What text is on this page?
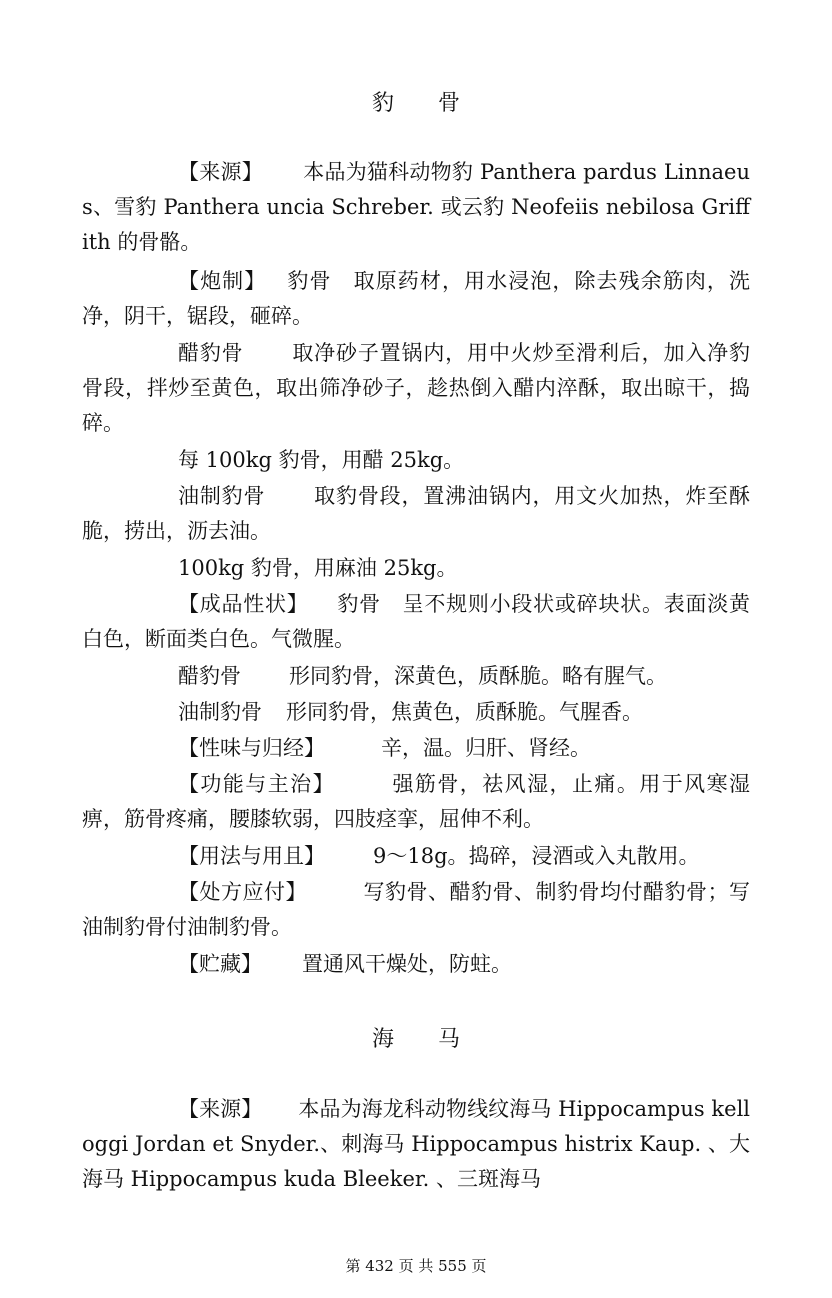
豹　　骨
【来源】 本品为猫科动物豹 Panthera pardus Linnaeus、雪豹 Panthera uncia Schreber. 或云豹 Neofeiis nebilosa Griffith 的骨骼。
【炮制】 豹骨　取原药材，用水浸泡，除去残余筋肉，洗净，阴干，锯段，砸碎。
醋豹骨 取净砂子置锅内，用中火炒至滑利后，加入净豹骨段，拌炒至黄色，取出筛净砂子，趁热倒入醋内淬酥，取出晾干，捣碎。
每 100kg 豹骨，用醋 25kg。
油制豹骨 取豹骨段，置沸油锅内，用文火加热，炸至酥脆，捞出，沥去油。
100kg 豹骨，用麻油 25kg。
【成品性状】 豹骨　呈不规则小段状或碎块状。表面淡黄白色，断面类白色。气微腥。
醋豹骨 形同豹骨，深黄色，质酥脆。略有腥气。
油制豹骨 形同豹骨，焦黄色，质酥脆。气腥香。
【性味与归经】	辛，温。归肝、肾经。
【功能与主治】	强筋骨，祛风湿，止痛。用于风寒湿痹，筋骨疼痛，腰膝软弱，四肢痉挛，屈伸不利。
【用法与用且】 9～18g。捣碎，浸酒或入丸散用。
【处方应付】	写豹骨、醋豹骨、制豹骨均付醋豹骨；写油制豹骨付油制豹骨。
【贮藏】 置通风干燥处，防蛀。
海　　马
【来源】 本品为海龙科动物线纹海马 Hippocampus kelloggi Jordan et Snyder.、刺海马 Hippocampus histrix Kaup. 、大海马 Hippocampus kuda Bleeker. 、三斑海马
第 432 页 共 555 页
